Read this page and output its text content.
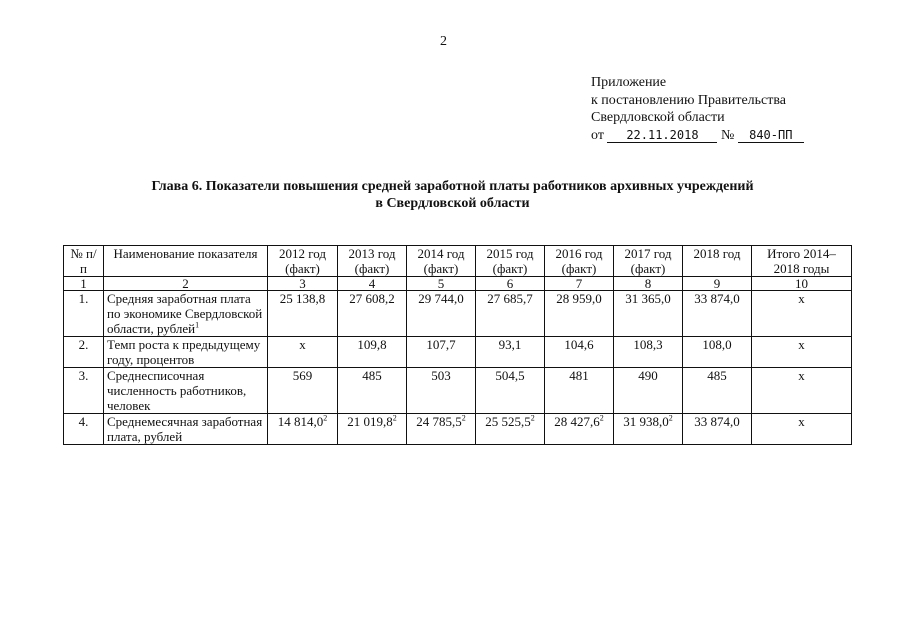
2
Приложение
к постановлению Правительства
Свердловской области
от 22.11.2018 № 840-ПП
Глава 6. Показатели повышения средней заработной платы работников архивных учреждений
в Свердловской области
№ п/п	Наименование показателя	2012 год (факт)	2013 год (факт)	2014 год (факт)	2015 год (факт)	2016 год (факт)	2017 год (факт)	2018 год	Итого 2014–2018 годы
1	2	3	4	5	6	7	8	9	10
1.	Средняя заработная плата по экономике Свердловской области, рублей$^1$	25 138,8	27 608,2	29 744,0	27 685,7	28 959,0	31 365,0	33 874,0	х
2.	Темп роста к предыдущему году, процентов	х	109,8	107,7	93,1	104,6	108,3	108,0	х
3.	Среднесписочная численность работников, человек	569	485	503	504,5	481	490	485	х
4.	Среднемесячная заработная плата, рублей	14 814,0$^2$	21 019,8$^2$	24 785,5$^2$	25 525,5$^2$	28 427,6$^2$	31 938,0$^2$	33 874,0	х
